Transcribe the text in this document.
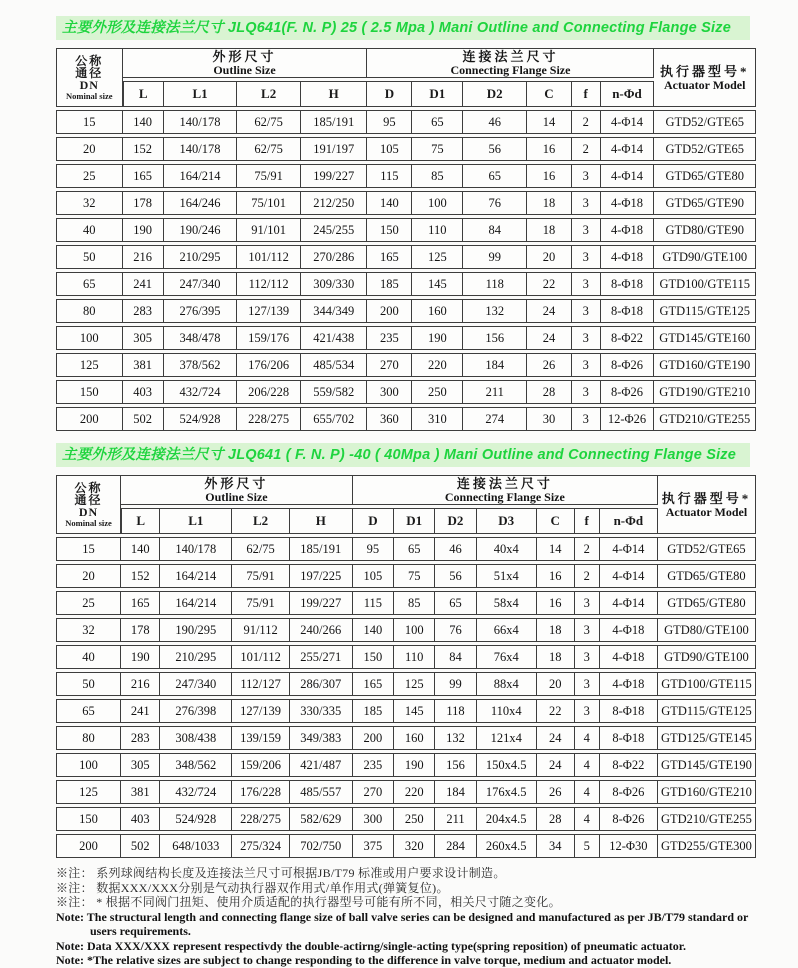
主要外形及连接法兰尺寸 JLQ641(F. N. P) 25 ( 2.5 Mpa ) Mani Outline and Connecting Flange Size
公称
通径
DN
Nominal size

外形尺寸
Outline Size

连接法兰尺寸
Connecting Flange Size	执行器型号*
Actuator Model

	L	L1	L2	H	D	D1	D2	C	f	n-Φd	
15	140	140/178	62/75	185/191	95	65	46	14	2	4-Φ14	GTD52/GTE65
20	152	140/178	62/75	191/197	105	75	56	16	2	4-Φ14	GTD52/GTE65
25	165	164/214	75/91	199/227	115	85	65	16	3	4-Φ14	GTD65/GTE80
32	178	164/246	75/101	212/250	140	100	76	18	3	4-Φ18	GTD65/GTE90
40	190	190/246	91/101	245/255	150	110	84	18	3	4-Φ18	GTD80/GTE90
50	216	210/295	101/112	270/286	165	125	99	20	3	4-Φ18	GTD90/GTE100
65	241	247/340	112/112	309/330	185	145	118	22	3	8-Φ18	GTD100/GTE115
80	283	276/395	127/139	344/349	200	160	132	24	3	8-Φ18	GTD115/GTE125
100	305	348/478	159/176	421/438	235	190	156	24	3	8-Φ22	GTD145/GTE160
125	381	378/562	176/206	485/534	270	220	184	26	3	8-Φ26	GTD160/GTE190
150	403	432/724	206/228	559/582	300	250	211	28	3	8-Φ26	GTD190/GTE210
200	502	524/928	228/275	655/702	360	310	274	30	3	12-Φ26	GTD210/GTE255
主要外形及连接法兰尺寸 JLQ641 ( F. N. P) -40 ( 40Mpa ) Mani Outline and Connecting Flange Size
公称
通径
DN
Nominal size

外形尺寸
Outline Size

连接法兰尺寸
Connecting Flange Size	执行器型号*
Actuator Model

	L	L1	L2	H	D	D1	D2	D3	C	f	n-Φd	
15	140	140/178	62/75	185/191	95	65	46	40x4	14	2	4-Φ14	GTD52/GTE65
20	152	164/214	75/91	197/225	105	75	56	51x4	16	2	4-Φ14	GTD65/GTE80
25	165	164/214	75/91	199/227	115	85	65	58x4	16	3	4-Φ14	GTD65/GTE80
32	178	190/295	91/112	240/266	140	100	76	66x4	18	3	4-Φ18	GTD80/GTE100
40	190	210/295	101/112	255/271	150	110	84	76x4	18	3	4-Φ18	GTD90/GTE100
50	216	247/340	112/127	286/307	165	125	99	88x4	20	3	4-Φ18	GTD100/GTE115
65	241	276/398	127/139	330/335	185	145	118	110x4	22	3	8-Φ18	GTD115/GTE125
80	283	308/438	139/159	349/383	200	160	132	121x4	24	4	8-Φ18	GTD125/GTE145
100	305	348/562	159/206	421/487	235	190	156	150x4.5	24	4	8-Φ22	GTD145/GTE190
125	381	432/724	176/228	485/557	270	220	184	176x4.5	26	4	8-Φ26	GTD160/GTE210
150	403	524/928	228/275	582/629	300	250	211	204x4.5	28	4	8-Φ26	GTD210/GTE255
200	502	648/1033	275/324	702/750	375	320	284	260x4.5	34	5	12-Φ30	GTD255/GTE300
※注： 系列球阀结构长度及连接法兰尺寸可根据JB/T79 标准或用户要求设计制造。
※注： 数据XXX/XXX分别是气动执行器双作用式/单作用式(弹簧复位)。
※注： * 根据不同阀门扭矩、使用介质适配的执行器型号可能有所不同，相关尺寸随之变化。
Note: The structural length and connecting flange size of ball valve series can be designed and manufactured as per JB/T79 standard or users requirements.
Note: Data XXX/XXX represent respectivdy the double-actirng/single-acting type(spring reposition) of pneumatic actuator.
Note: *The relative sizes are subject to change responding to the difference in valve torque, medium and actuator model.
